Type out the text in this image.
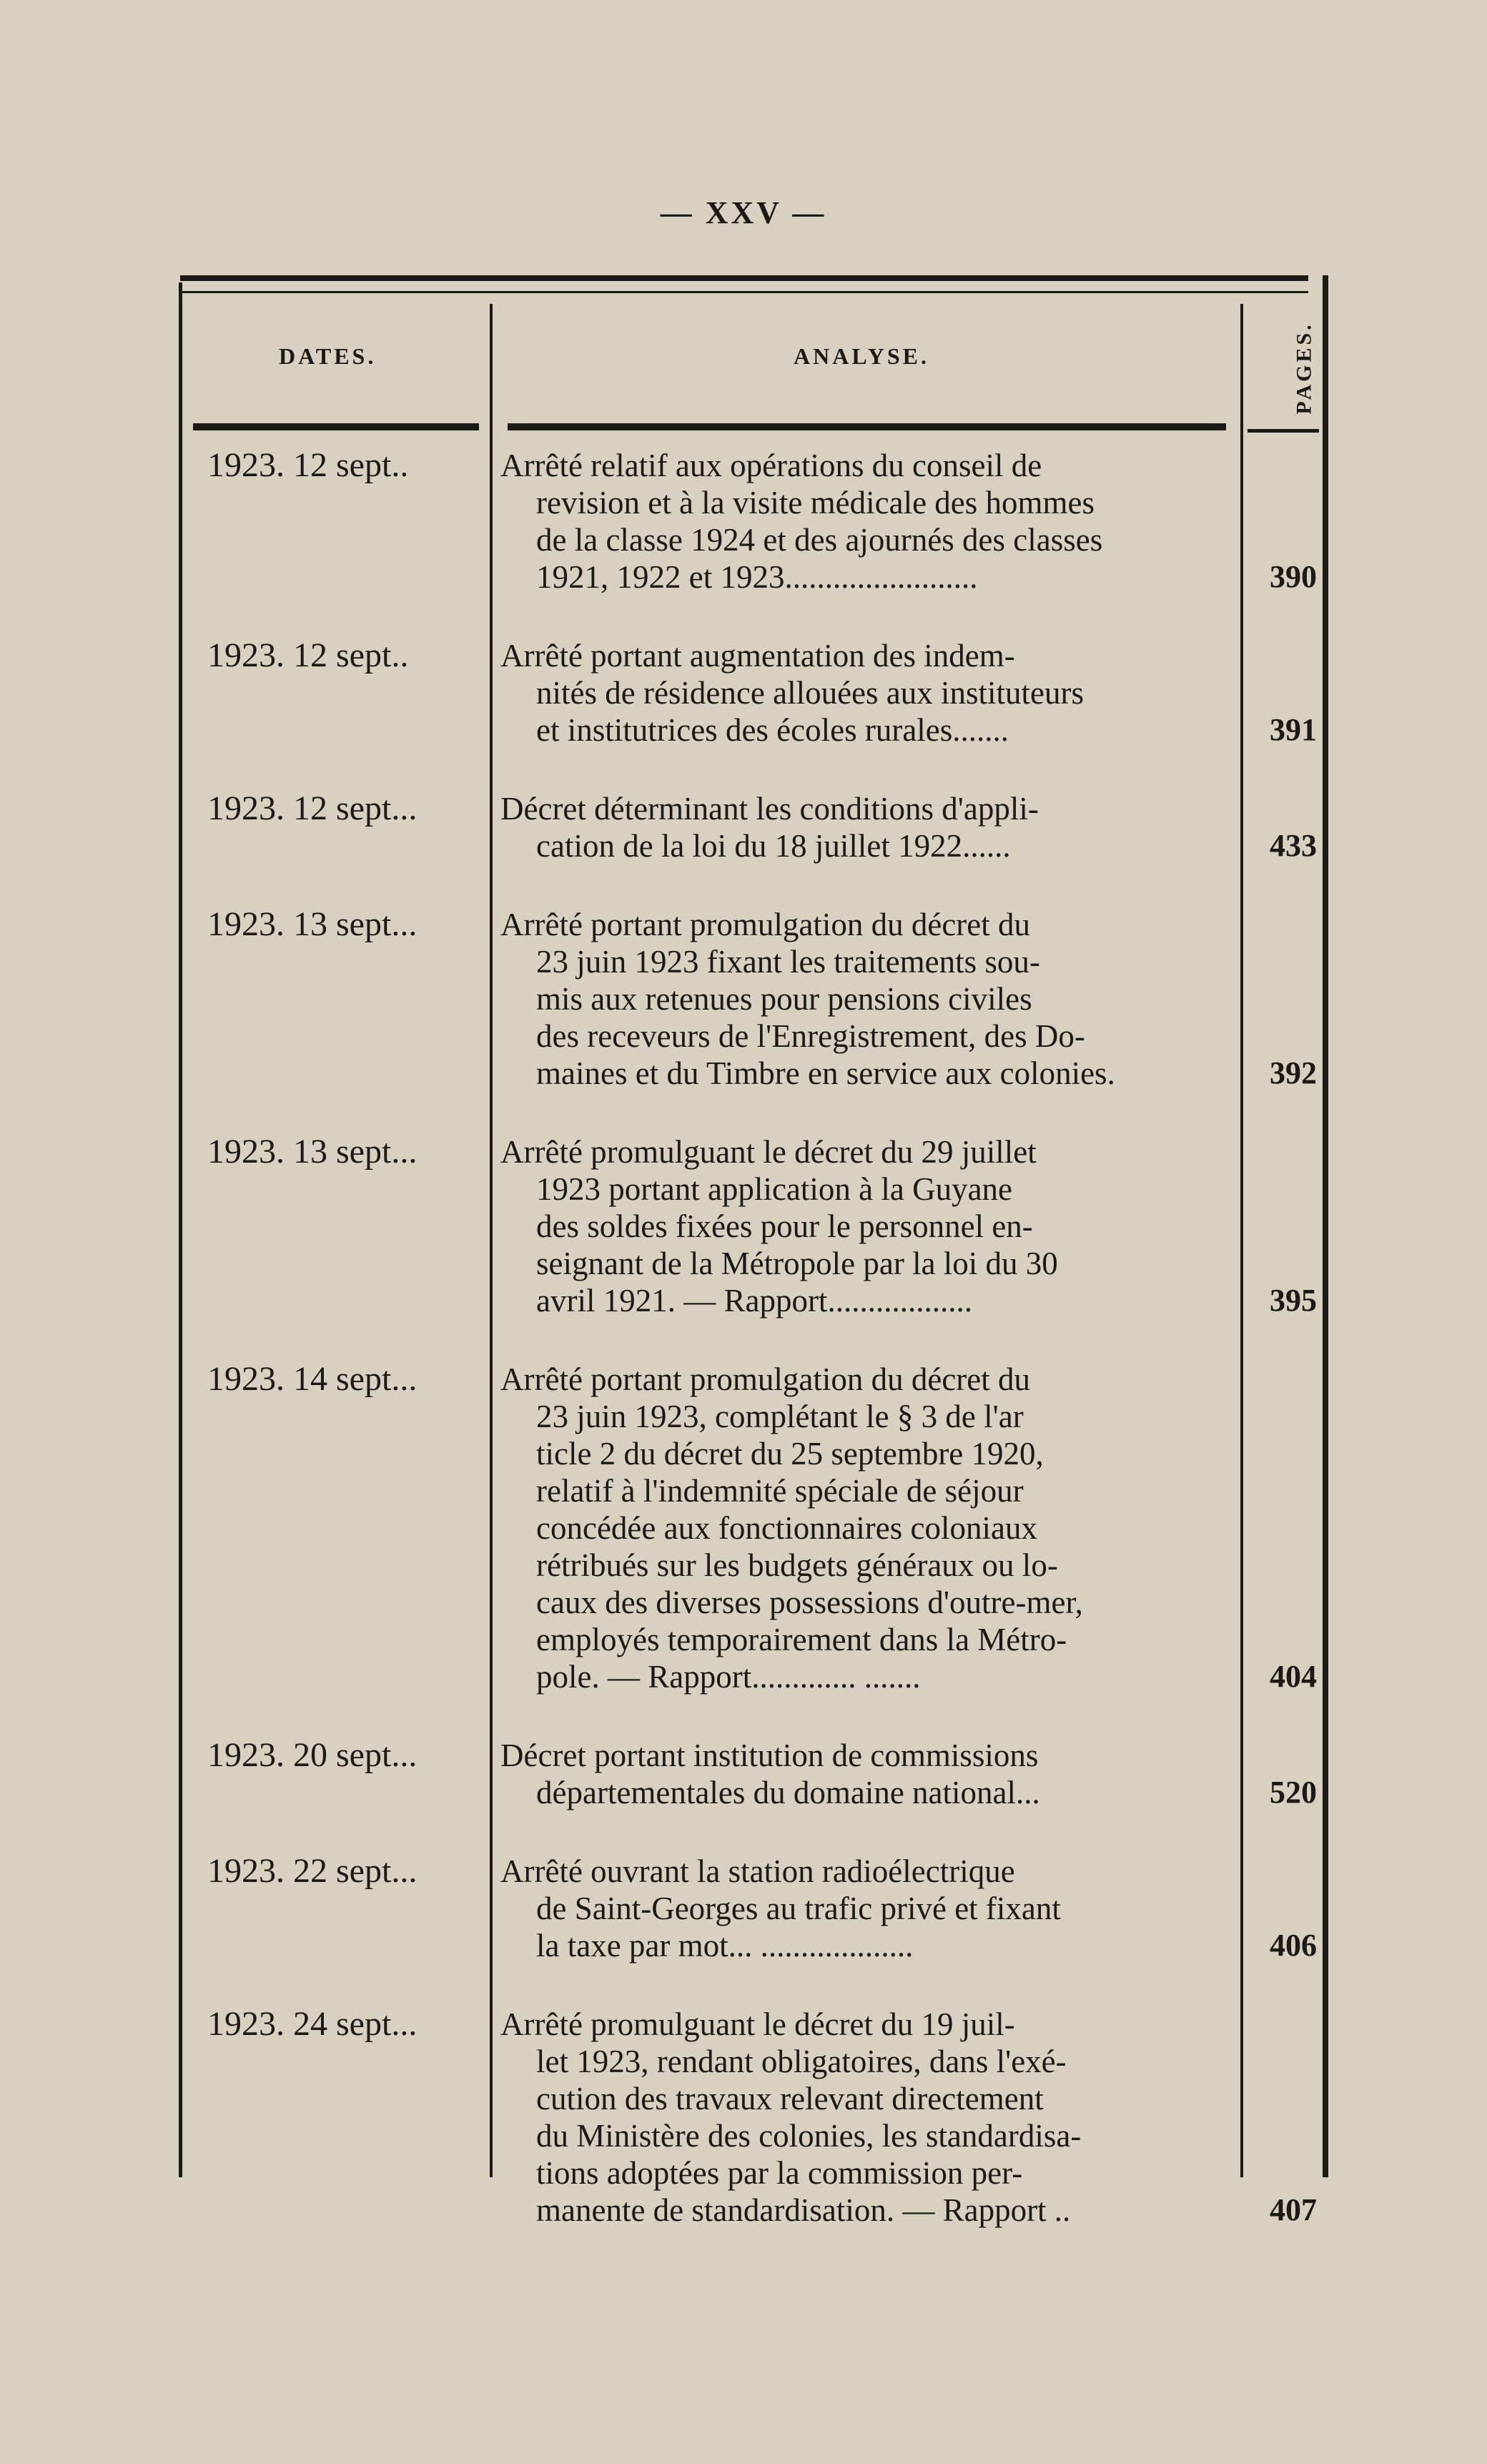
— XXV —
DATES.	ANALYSE.	PAGES.
1923. 12 sept..	Arrêté relatif aux opérations du conseil de
revision et à la visite médicale des hommes
de la classe 1924 et des ajournés des classes
1921, 1922 et 1923........................	390
1923. 12 sept..	Arrêté portant augmentation des indem-
nités de résidence allouées aux instituteurs
et institutrices des écoles rurales.......	391
1923. 12 sept...	Décret déterminant les conditions d'appli-
cation de la loi du 18 juillet 1922......	433
1923. 13 sept...	Arrêté portant promulgation du décret du
23 juin 1923 fixant les traitements sou-
mis aux retenues pour pensions civiles
des receveurs de l'Enregistrement, des Do-
maines et du Timbre en service aux colonies.	392
1923. 13 sept...	Arrêté promulguant le décret du 29 juillet
1923 portant application à la Guyane
des soldes fixées pour le personnel en-
seignant de la Métropole par la loi du 30
avril 1921. — Rapport..................	395
1923. 14 sept...	Arrêté portant promulgation du décret du
23 juin 1923, complétant le § 3 de l'ar
ticle 2 du décret du 25 septembre 1920,
relatif à l'indemnité spéciale de séjour
concédée aux fonctionnaires coloniaux
rétribués sur les budgets généraux ou lo-
caux des diverses possessions d'outre-mer,
employés temporairement dans la Métro-
pole. — Rapport............. .......	404
1923. 20 sept...	Décret portant institution de commissions
départementales du domaine national...	520
1923. 22 sept...	Arrêté ouvrant la station radioélectrique
de Saint-Georges au trafic privé et fixant
la taxe par mot... ...................	406
1923. 24 sept...	Arrêté promulguant le décret du 19 juil-
let 1923, rendant obligatoires, dans l'exé-
cution des travaux relevant directement
du Ministère des colonies, les standardisa-
tions adoptées par la commission per-
manente de standardisation. — Rapport ..	407
